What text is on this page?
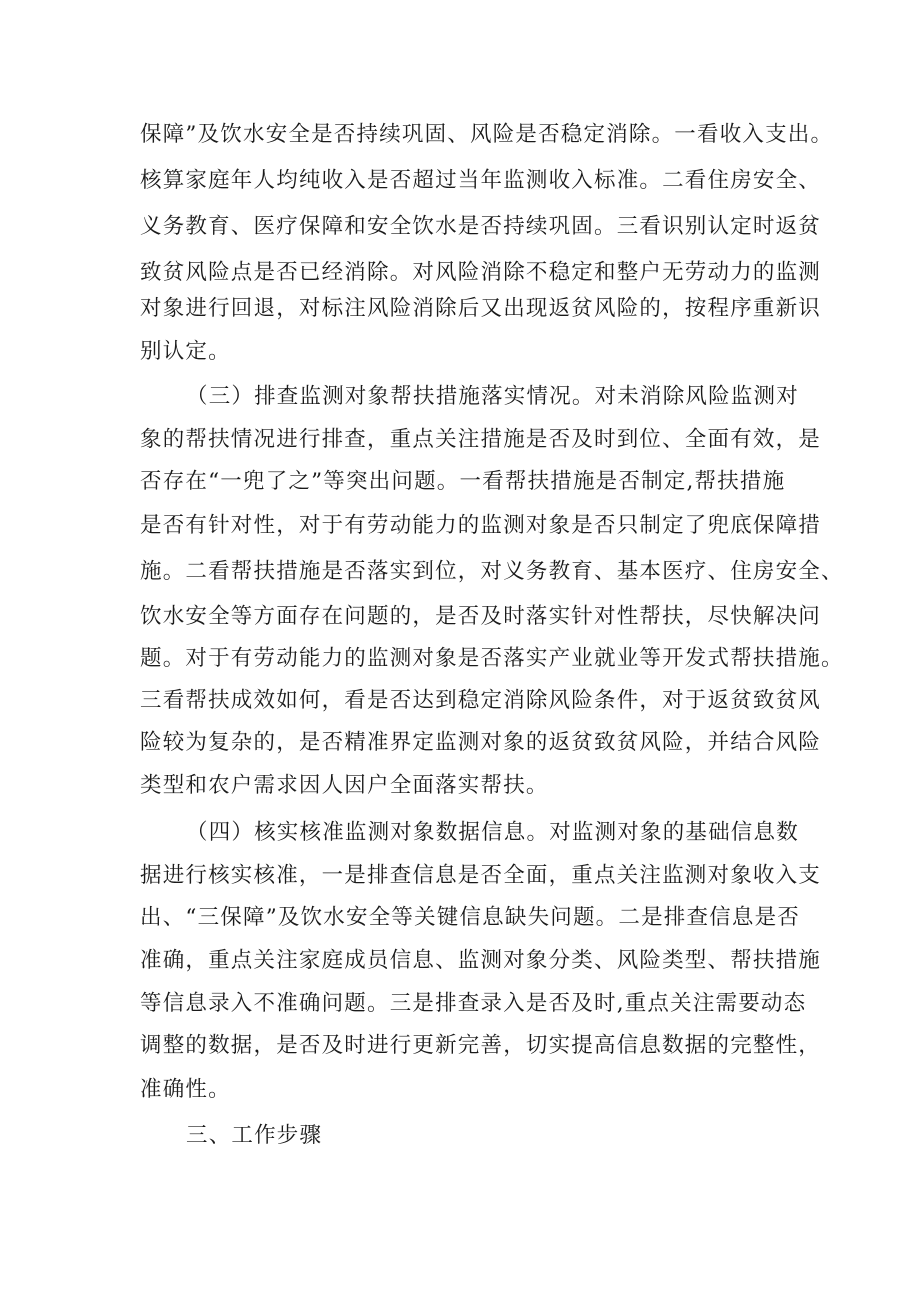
保障”及饮水安全是否持续巩固、风险是否稳定消除。一看收入支出。
核算家庭年人均纯收入是否超过当年监测收入标准。二看住房安全、
义务教育、医疗保障和安全饮水是否持续巩固。三看识别认定时返贫
致贫风险点是否已经消除。对风险消除不稳定和整户无劳动力的监测
对象进行回退，对标注风险消除后又出现返贫风险的，按程序重新识
别认定。
（三）排查监测对象帮扶措施落实情况。对未消除风险监测对
象的帮扶情况进行排查，重点关注措施是否及时到位、全面有效，是
否存在“一兜了之”等突出问题。一看帮扶措施是否制定,帮扶措施
是否有针对性，对于有劳动能力的监测对象是否只制定了兜底保障措
施。二看帮扶措施是否落实到位，对义务教育、基本医疗、住房安全、
饮水安全等方面存在问题的，是否及时落实针对性帮扶，尽快解决问
题。对于有劳动能力的监测对象是否落实产业就业等开发式帮扶措施。
三看帮扶成效如何，看是否达到稳定消除风险条件，对于返贫致贫风
险较为复杂的，是否精准界定监测对象的返贫致贫风险，并结合风险
类型和农户需求因人因户全面落实帮扶。
（四）核实核准监测对象数据信息。对监测对象的基础信息数
据进行核实核准，一是排查信息是否全面，重点关注监测对象收入支
出、“三保障”及饮水安全等关键信息缺失问题。二是排查信息是否
准确，重点关注家庭成员信息、监测对象分类、风险类型、帮扶措施
等信息录入不准确问题。三是排查录入是否及时,重点关注需要动态
调整的数据，是否及时进行更新完善，切实提高信息数据的完整性，
准确性。
三、工作步骤
